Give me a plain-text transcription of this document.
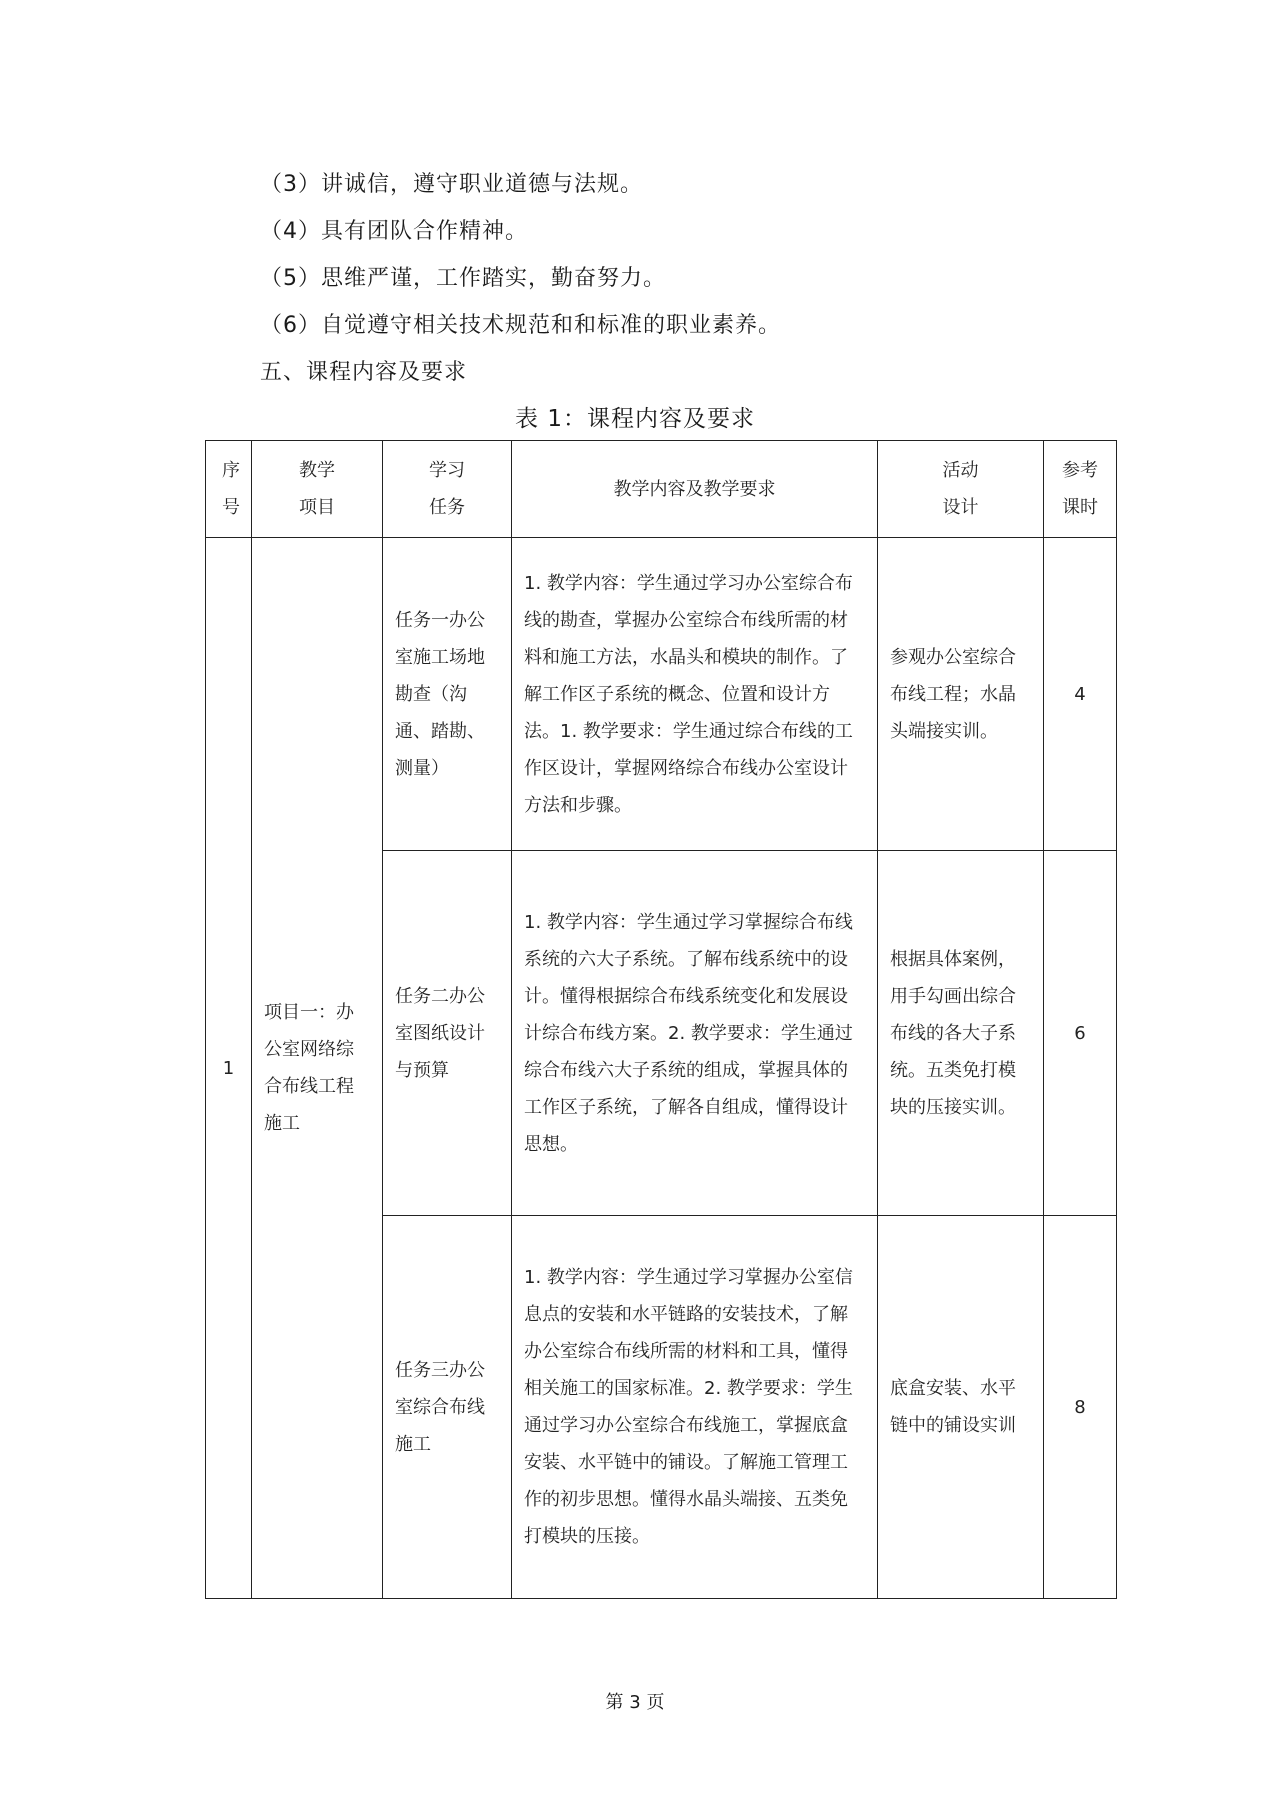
（3）讲诚信，遵守职业道德与法规。
（4）具有团队合作精神。
（5）思维严谨，工作踏实，勤奋努力。
（6）自觉遵守相关技术规范和和标准的职业素养。
五、课程内容及要求
表 1：课程内容及要求
序号	教学项目	学习任务	教学内容及教学要求	活动设计	参考课时
1	项目一：办公室网络综合布线工程施工	任务一办公室施工场地勘查（沟通、踏勘、测量）	1. 教学内容：学生通过学习办公室综合布线的勘查，掌握办公室综合布线所需的材料和施工方法，水晶头和模块的制作。了解工作区子系统的概念、位置和设计方法。1. 教学要求：学生通过综合布线的工作区设计，掌握网络综合布线办公室设计方法和步骤。	参观办公室综合布线工程；水晶头端接实训。	4
		任务二办公室图纸设计与预算	1. 教学内容：学生通过学习掌握综合布线系统的六大子系统。了解布线系统中的设计。懂得根据综合布线系统变化和发展设计综合布线方案。2. 教学要求：学生通过综合布线六大子系统的组成，掌握具体的工作区子系统，了解各自组成，懂得设计思想。	根据具体案例，用手勾画出综合布线的各大子系统。五类免打模块的压接实训。	6
		任务三办公室综合布线施工	1. 教学内容：学生通过学习掌握办公室信息点的安装和水平链路的安装技术，了解办公室综合布线所需的材料和工具，懂得相关施工的国家标准。2. 教学要求：学生通过学习办公室综合布线施工，掌握底盒安装、水平链中的铺设。了解施工管理工作的初步思想。懂得水晶头端接、五类免打模块的压接。	底盒安装、水平链中的铺设实训	8
第 3 页
